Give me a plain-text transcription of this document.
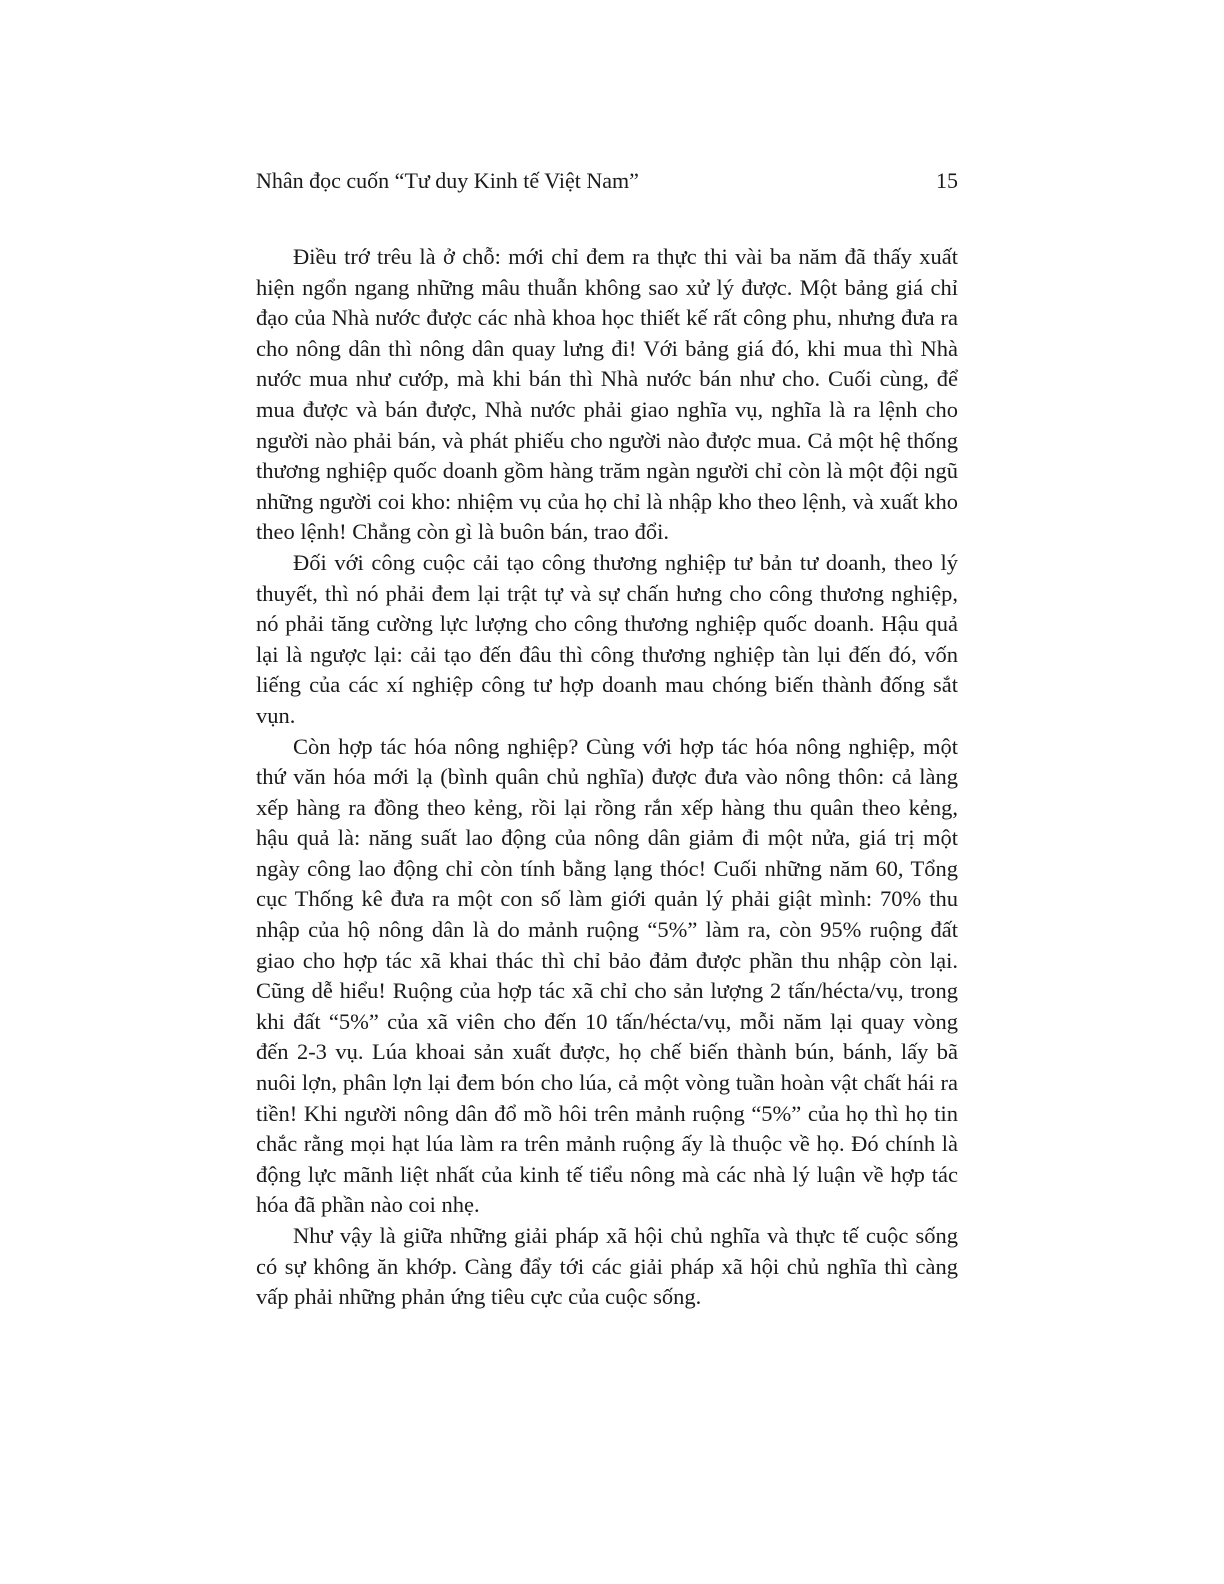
Nhân đọc cuốn “Tư duy Kinh tế Việt Nam”	15

Điều trớ trêu là ở chỗ: mới chỉ đem ra thực thi vài ba năm đã thấy xuất hiện ngổn ngang những mâu thuẫn không sao xử lý được. Một bảng giá chỉ đạo của Nhà nước được các nhà khoa học thiết kế rất công phu, nhưng đưa ra cho nông dân thì nông dân quay lưng đi! Với bảng giá đó, khi mua thì Nhà nước mua như cướp, mà khi bán thì Nhà nước bán như cho. Cuối cùng, để mua được và bán được, Nhà nước phải giao nghĩa vụ, nghĩa là ra lệnh cho người nào phải bán, và phát phiếu cho người nào được mua. Cả một hệ thống thương nghiệp quốc doanh gồm hàng trăm ngàn người chỉ còn là một đội ngũ những người coi kho: nhiệm vụ của họ chỉ là nhập kho theo lệnh, và xuất kho theo lệnh! Chẳng còn gì là buôn bán, trao đổi.

Đối với công cuộc cải tạo công thương nghiệp tư bản tư doanh, theo lý thuyết, thì nó phải đem lại trật tự và sự chấn hưng cho công thương nghiệp, nó phải tăng cường lực lượng cho công thương nghiệp quốc doanh. Hậu quả lại là ngược lại: cải tạo đến đâu thì công thương nghiệp tàn lụi đến đó, vốn liếng của các xí nghiệp công tư hợp doanh mau chóng biến thành đống sắt vụn.

Còn hợp tác hóa nông nghiệp? Cùng với hợp tác hóa nông nghiệp, một thứ văn hóa mới lạ (bình quân chủ nghĩa) được đưa vào nông thôn: cả làng xếp hàng ra đồng theo kẻng, rồi lại rồng rắn xếp hàng thu quân theo kẻng, hậu quả là: năng suất lao động của nông dân giảm đi một nửa, giá trị một ngày công lao động chỉ còn tính bằng lạng thóc! Cuối những năm 60, Tổng cục Thống kê đưa ra một con số làm giới quản lý phải giật mình: 70% thu nhập của hộ nông dân là do mảnh ruộng “5%” làm ra, còn 95% ruộng đất giao cho hợp tác xã khai thác thì chỉ bảo đảm được phần thu nhập còn lại. Cũng dễ hiểu! Ruộng của hợp tác xã chỉ cho sản lượng 2 tấn/hécta/vụ, trong khi đất “5%” của xã viên cho đến 10 tấn/hécta/vụ, mỗi năm lại quay vòng đến 2-3 vụ. Lúa khoai sản xuất được, họ chế biến thành bún, bánh, lấy bã nuôi lợn, phân lợn lại đem bón cho lúa, cả một vòng tuần hoàn vật chất hái ra tiền! Khi người nông dân đổ mồ hôi trên mảnh ruộng “5%” của họ thì họ tin chắc rằng mọi hạt lúa làm ra trên mảnh ruộng ấy là thuộc về họ. Đó chính là động lực mãnh liệt nhất của kinh tế tiểu nông mà các nhà lý luận về hợp tác hóa đã phần nào coi nhẹ.

Như vậy là giữa những giải pháp xã hội chủ nghĩa và thực tế cuộc sống có sự không ăn khớp. Càng đẩy tới các giải pháp xã hội chủ nghĩa thì càng vấp phải những phản ứng tiêu cực của cuộc sống.
